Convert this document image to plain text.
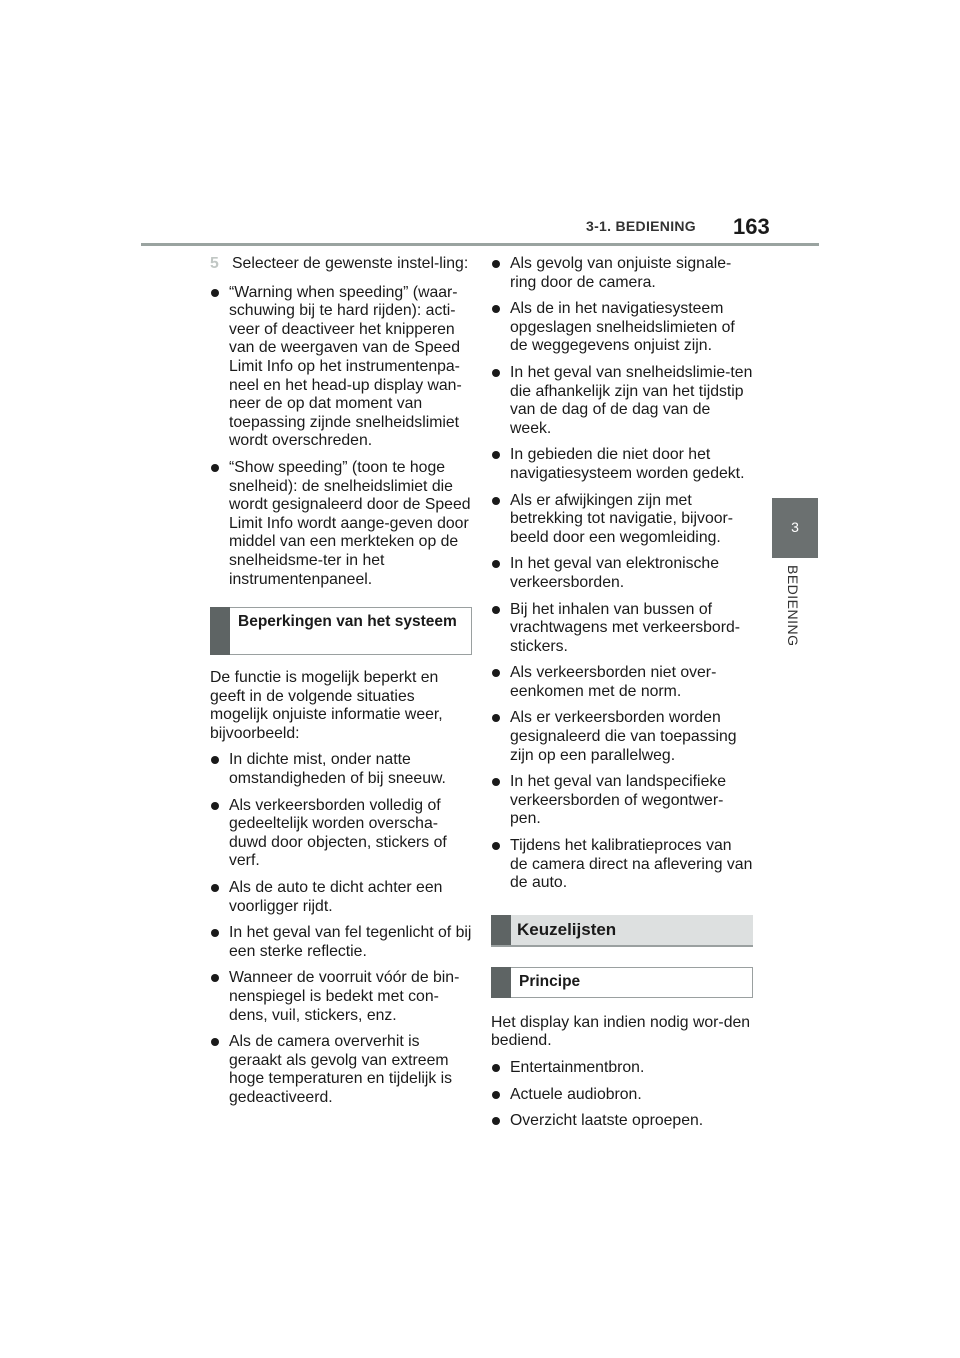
3-1. BEDIENING 163
3
BEDIENING
5 Selecteer de gewenste instel-ling:
“Warning when speeding” (waar-schuwing bij te hard rijden): acti-veer of deactiveer het knipperen van de weergaven van de Speed Limit Info op het instrumentenpa-neel en het head-up display wan-neer de op dat moment van toepassing zijnde snelheidslimiet wordt overschreden.
“Show speeding” (toon te hoge snelheid): de snelheidslimiet die wordt gesignaleerd door de Speed Limit Info wordt aange-geven door middel van een merkteken op de snelheidsme-ter in het instrumentenpaneel.
Beperkingen van het systeem
De functie is mogelijk beperkt en geeft in de volgende situaties mogelijk onjuiste informatie weer, bijvoorbeeld:
In dichte mist, onder natte omstandigheden of bij sneeuw.
Als verkeersborden volledig of gedeeltelijk worden overscha-duwd door objecten, stickers of verf.
Als de auto te dicht achter een voorligger rijdt.
In het geval van fel tegenlicht of bij een sterke reflectie.
Wanneer de voorruit vóór de bin-nenspiegel is bedekt met con-dens, vuil, stickers, enz.
Als de camera oververhit is geraakt als gevolg van extreem hoge temperaturen en tijdelijk is gedeactiveerd.
Als gevolg van onjuiste signale-ring door de camera.
Als de in het navigatiesysteem opgeslagen snelheidslimieten of de weggegevens onjuist zijn.
In het geval van snelheidslimie-ten die afhankelijk zijn van het tijdstip van de dag of de dag van de week.
In gebieden die niet door het navigatiesysteem worden gedekt.
Als er afwijkingen zijn met betrekking tot navigatie, bijvoor-beeld door een wegomleiding.
In het geval van elektronische verkeersborden.
Bij het inhalen van bussen of vrachtwagens met verkeersbord-stickers.
Als verkeersborden niet over-eenkomen met de norm.
Als er verkeersborden worden gesignaleerd die van toepassing zijn op een parallelweg.
In het geval van landspecifieke verkeersborden of wegontwer-pen.
Tijdens het kalibratieproces van de camera direct na aflevering van de auto.
Keuzelijsten
Principe
Het display kan indien nodig wor-den bediend.
Entertainmentbron.
Actuele audiobron.
Overzicht laatste oproepen.
